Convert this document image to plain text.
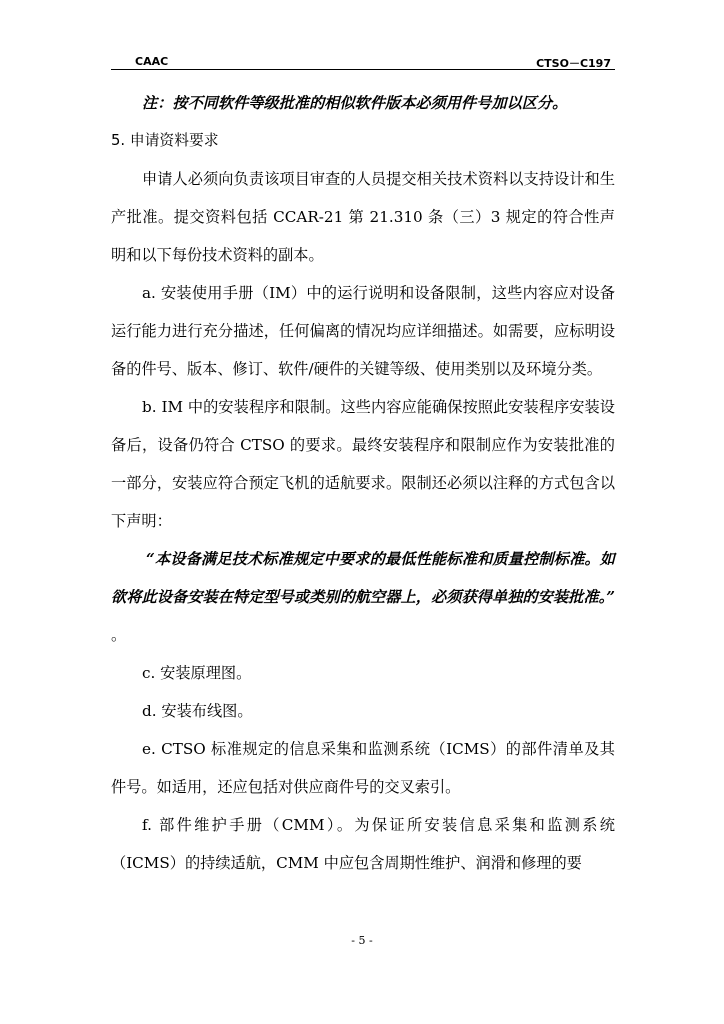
CAAC	CTSO－C197

注：按不同软件等级批准的相似软件版本必须用件号加以区分。

5. 申请资料要求

申请人必须向负责该项目审查的人员提交相关技术资料以支持设计和生产批准。提交资料包括 CCAR-21 第 21.310 条（三）3 规定的符合性声明和以下每份技术资料的副本。

a. 安装使用手册（IM）中的运行说明和设备限制，这些内容应对设备运行能力进行充分描述，任何偏离的情况均应详细描述。如需要，应标明设备的件号、版本、修订、软件/硬件的关键等级、使用类别以及环境分类。

b. IM 中的安装程序和限制。这些内容应能确保按照此安装程序安装设备后，设备仍符合 CTSO 的要求。最终安装程序和限制应作为安装批准的一部分，安装应符合预定飞机的适航要求。限制还必须以注释的方式包含以下声明：

“本设备满足技术标准规定中要求的最低性能标准和质量控制标准。如欲将此设备安装在特定型号或类别的航空器上，必须获得单独的安装批准。” 。

c. 安装原理图。

d. 安装布线图。

e. CTSO 标准规定的信息采集和监测系统（ICMS）的部件清单及其件号。如适用，还应包括对供应商件号的交叉索引。

f. 部件维护手册（CMM）。为保证所安装信息采集和监测系统（ICMS）的持续适航，CMM 中应包含周期性维护、润滑和修理的要

- 5 -
